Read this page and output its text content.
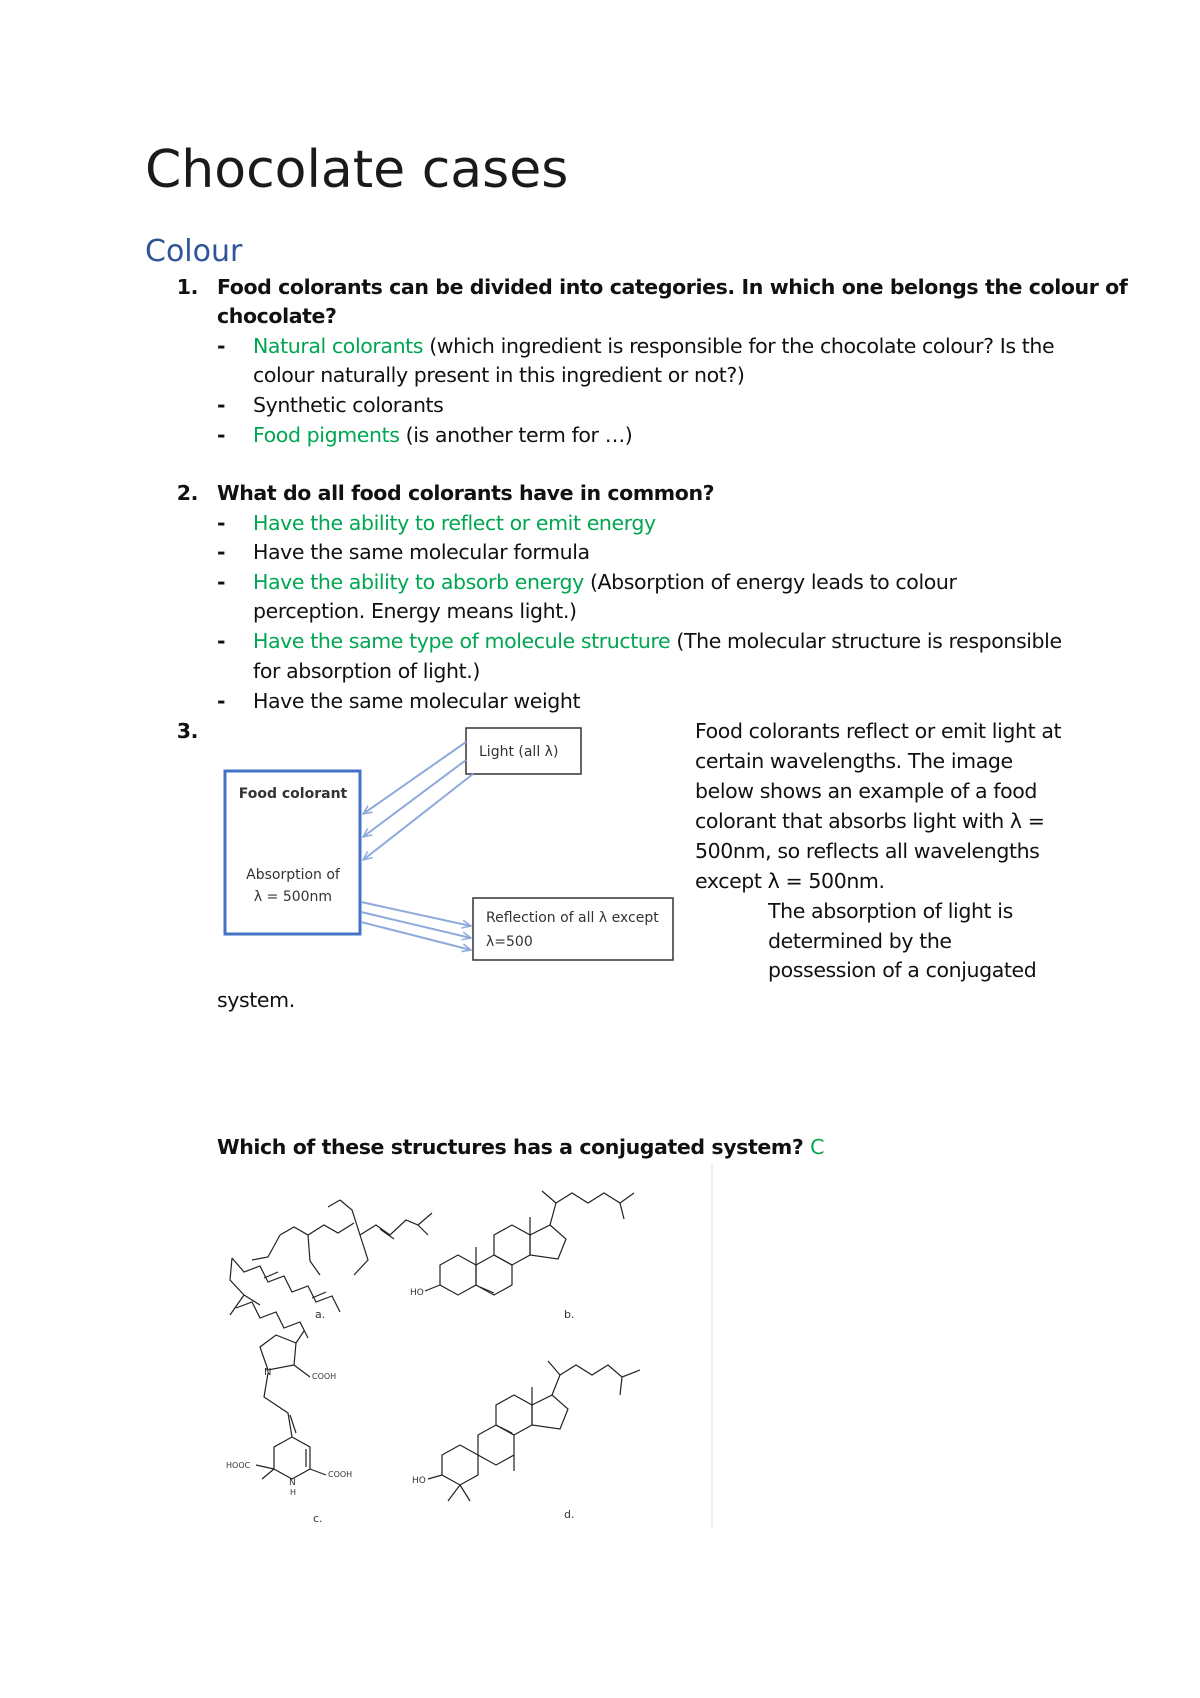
Chocolate cases
Colour
1. Food colorants can be divided into categories. In which one belongs the colour of
chocolate?
- Natural colorants (which ingredient is responsible for the chocolate colour? Is the
colour naturally present in this ingredient or not?)
- Synthetic colorants
- Food pigments (is another term for …)
2. What do all food colorants have in common?
- Have the ability to reflect or emit energy
- Have the same molecular formula
- Have the ability to absorb energy (Absorption of energy leads to colour
perception. Energy means light.)
- Have the same type of molecule structure (The molecular structure is responsible
for absorption of light.)
- Have the same molecular weight
3.	Food colorants reflect or emit light at
certain wavelengths. The image
below shows an example of a food
colorant that absorbs light with λ =
500nm, so reflects all wavelengths
except λ = 500nm.
The absorption of light is
determined by the
possession of a conjugated
system.
Food colorant
Absorption of
λ = 500nm
Light (all λ)
Reflection of all λ except
λ=500
Which of these structures has a conjugated system? C
a.
HO
b.
N	COOH
HOOC
COOH
N
H
c.
HO
d.
